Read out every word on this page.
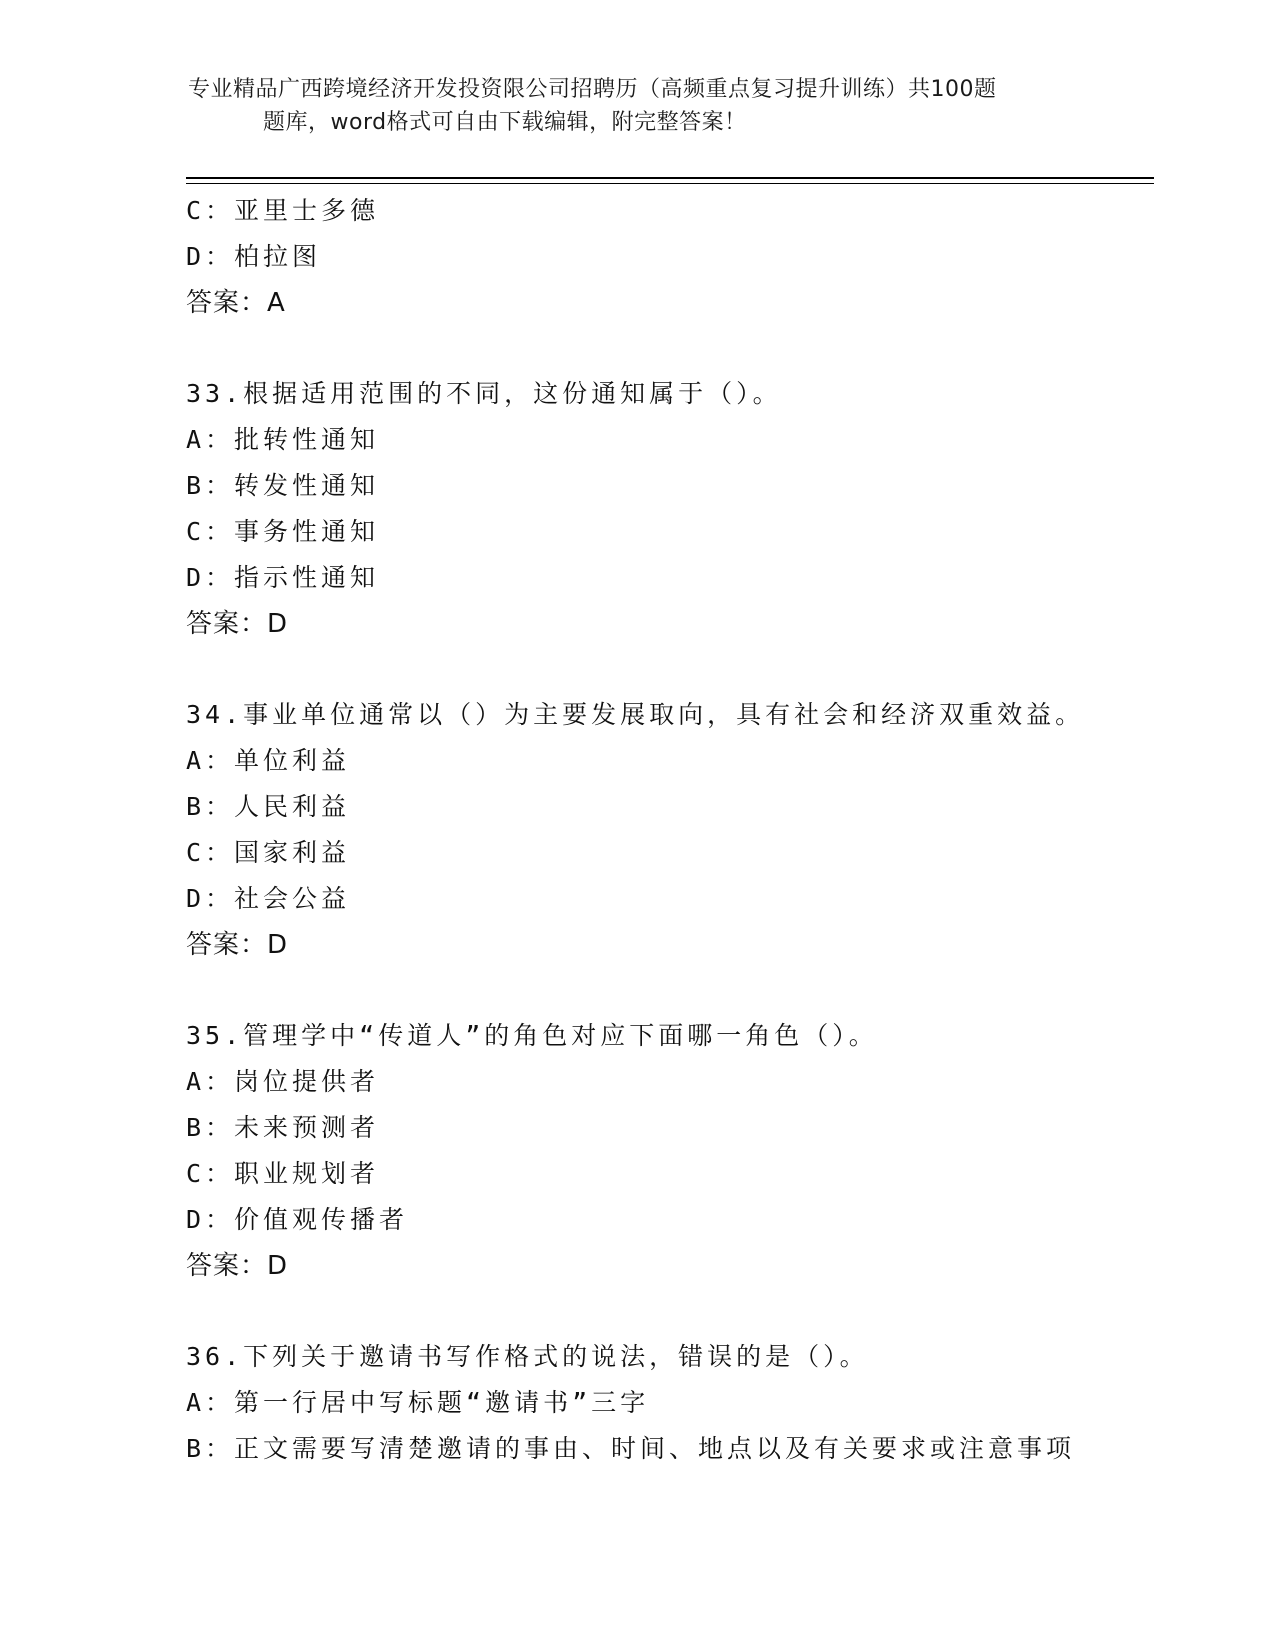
专业精品广西跨境经济开发投资限公司招聘历（高频重点复习提升训练）共100题
题库，word格式可自由下载编辑，附完整答案！
C：亚里士多德
D：柏拉图
答案：A
33.根据适用范围的不同，这份通知属于（）。
A：批转性通知
B：转发性通知
C：事务性通知
D：指示性通知
答案：D
34.事业单位通常以（）为主要发展取向，具有社会和经济双重效益。
A：单位利益
B：人民利益
C：国家利益
D：社会公益
答案：D
35.管理学中“传道人”的角色对应下面哪一角色（）。
A：岗位提供者
B：未来预测者
C：职业规划者
D：价值观传播者
答案：D
36.下列关于邀请书写作格式的说法，错误的是（）。
A：第一行居中写标题“邀请书”三字
B：正文需要写清楚邀请的事由、时间、地点以及有关要求或注意事项
